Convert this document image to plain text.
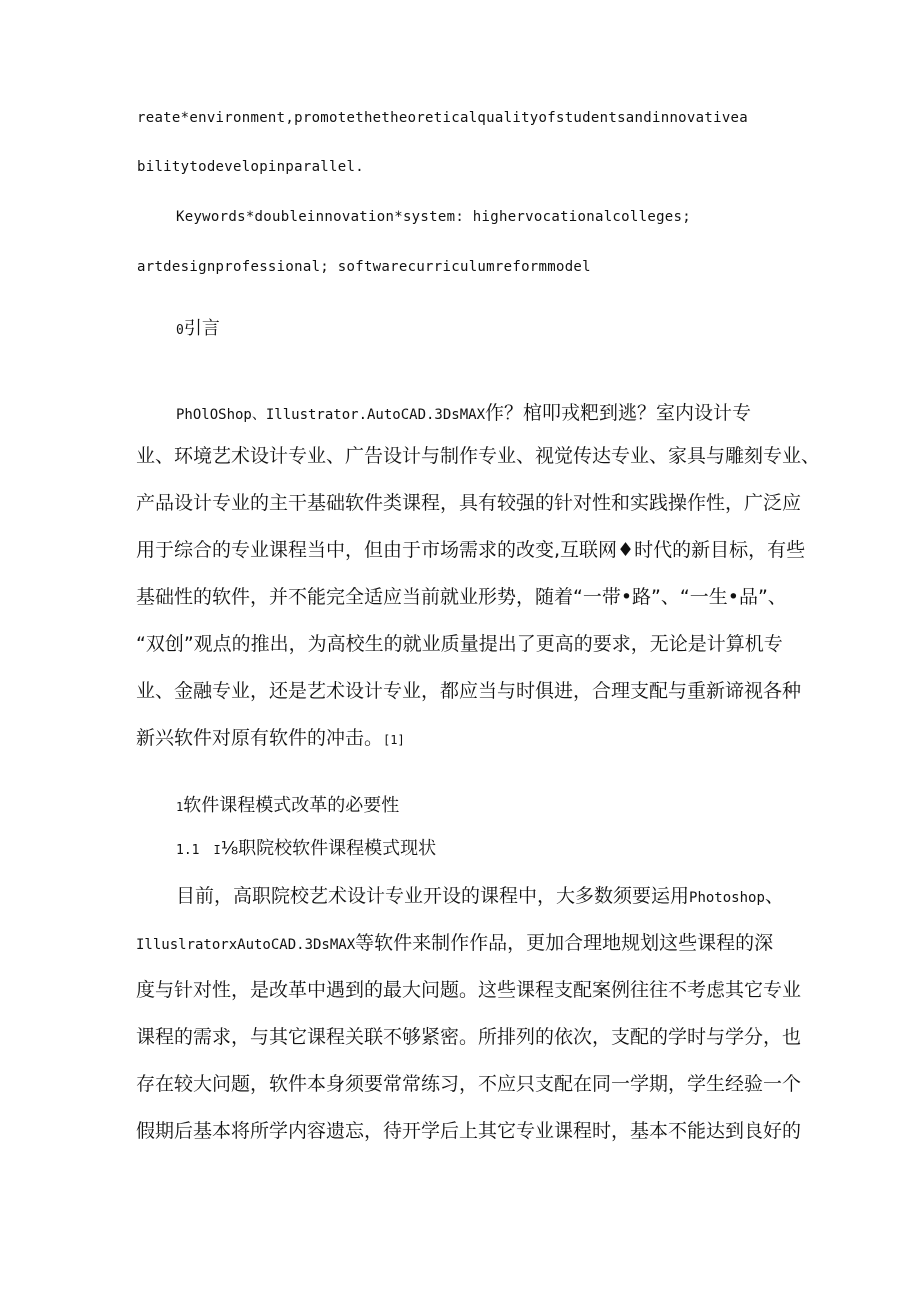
reate*environment,promotethetheoreticalqualityofstudentsandinnovativea
bilitytodevelopinparallel.
Keywords*doubleinnovation*system: highervocationalcolleges;
artdesignprofessional; softwarecurriculumreformmodel
0引言
PhOlOShop、Illustrator.AutoCAD.3DsMAX作？棺叩戎粑到逃？室内设计专
业、环境艺术设计专业、广告设计与制作专业、视觉传达专业、家具与雕刻专业、
产品设计专业的主干基础软件类课程，具有较强的针对性和实践操作性，广泛应
用于综合的专业课程当中，但由于市场需求的改变,互联网♦时代的新目标，有些
基础性的软件，并不能完全适应当前就业形势，随着“一带•路”、“一生•品”、
“双创”观点的推出，为高校生的就业质量提出了更高的要求，无论是计算机专
业、金融专业，还是艺术设计专业，都应当与时俱进，合理支配与重新谛视各种
新兴软件对原有软件的冲击。[1]
1软件课程模式改革的必要性
1.1 I⅛职院校软件课程模式现状
目前，高职院校艺术设计专业开设的课程中，大多数须要运用Photoshop、
IlluslratorxAutoCAD.3DsMAX等软件来制作作品，更加合理地规划这些课程的深
度与针对性，是改革中遇到的最大问题。这些课程支配案例往往不考虑其它专业
课程的需求，与其它课程关联不够紧密。所排列的依次，支配的学时与学分，也
存在较大问题，软件本身须要常常练习，不应只支配在同一学期，学生经验一个
假期后基本将所学内容遗忘，待开学后上其它专业课程时，基本不能达到良好的
